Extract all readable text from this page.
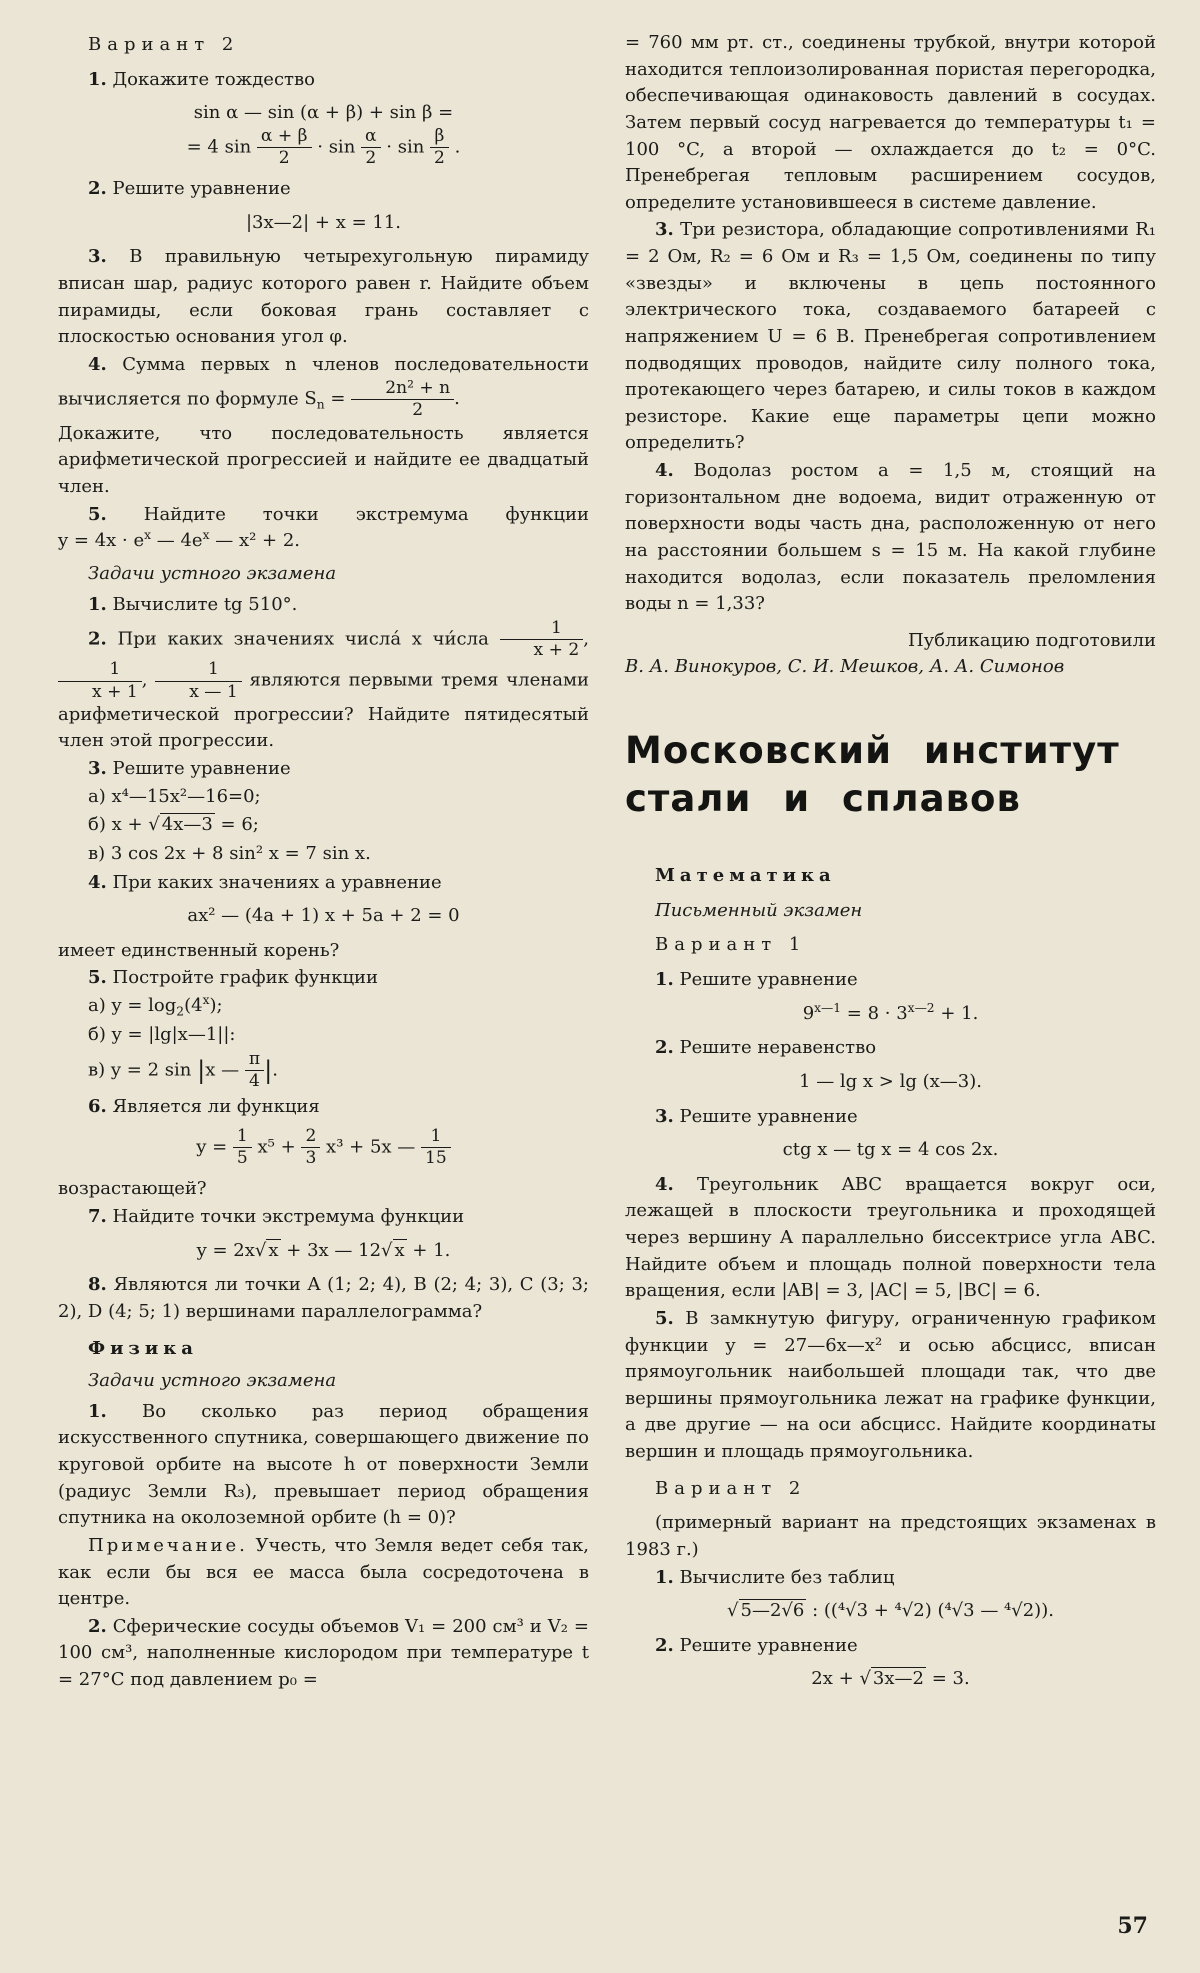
Вариант 2

1. Докажите тождество

sin α — sin (α + β) + sin β =
= 4 $\sin \frac{\alpha + \beta}{2} \cdot \sin \frac{\alpha}{2} \cdot \sin \frac{\beta}{2}$ .

2. Решите уравнение

|3x—2| + x = 11.

3. В правильную четырехугольную пирамиду вписан шар, радиус которого равен r. Найдите объем пирамиды, если боковая грань составляет с плоскостью основания угол φ.

4. Сумма первых n членов последовательности вычисляется по формуле $S_n = \frac{\text{2n² + n}}{2}$ .

Докажите, что последовательность является арифметической прогрессией и найдите ее двадцатый член.

5. Найдите точки экстремума функции $y = 4x \cdot e^x$ — $4e^x$ — x² + 2.

Задачи устного экзамена

1. Вычислите tg 510°.

2. При каких значениях числа́ x чи́сла $\frac{1}{x + 2}$ ,
$\frac{1}{x + 1}$ , $\frac{1}{x — 1}$ являются первыми тремя членами арифметической прогрессии? Найдите пятидесятый член этой прогрессии.

3. Решите уравнение

а) x⁴—15x²—16=0;
б) x + √ 4x—3 = 6;
в) 3 cos 2x + 8 sin² x = 7 sin x.

4. При каких значениях a уравнение

ax² — (4a + 1) x + 5a + 2 = 0

имеет единственный корень?

5. Постройте график функции

а) $y = \log_2(4^x)$;
б) y = |lg|x—1||:
в) y = 2 sin |x — $\frac{\pi}{4}$ |.

6. Является ли функция

$y = \frac{1}{5} x^5 + \frac{2}{3} x^3 + 5x$ — $\frac{1}{15}$

возрастающей?

7. Найдите точки экстремума функции

y = 2x√ x + 3x — 12√ x + 1.

8. Являются ли точки A (1; 2; 4), B (2; 4; 3), C (3; 3; 2), D (4; 5; 1) вершинами параллелограмма?

Физика

Задачи устного экзамена

1. Во сколько раз период обращения искусственного спутника, совершающего движение по круговой орбите на высоте h от поверхности Земли (радиус Земли R₃), превышает период обращения спутника на околоземной орбите (h = 0)?

Примечание. Учесть, что Земля ведет себя так, как если бы вся ее масса была сосредоточена в центре.

2. Сферические сосуды объемов V₁ = 200 см³ и V₂ = 100 см³, наполненные кислородом при температуре t = 27°C под давлением p₀ =

= 760 мм рт. ст., соединены трубкой, внутри которой находится теплоизолированная пористая перегородка, обеспечивающая одинаковость давлений в сосудах. Затем первый сосуд нагревается до температуры t₁ = 100 °C, а второй — охлаждается до t₂ = 0°C. Пренебрегая тепловым расширением сосудов, определите установившееся в системе давление.

3. Три резистора, обладающие сопротивлениями R₁ = 2 Ом, R₂ = 6 Ом и R₃ = 1,5 Ом, соединены по типу «звезды» и включены в цепь постоянного электрического тока, создаваемого батареей с напряжением U = 6 В. Пренебрегая сопротивлением подводящих проводов, найдите силу полного тока, протекающего через батарею, и силы токов в каждом резисторе. Какие еще параметры цепи можно определить?

4. Водолаз ростом a = 1,5 м, стоящий на горизонтальном дне водоема, видит отраженную от поверхности воды часть дна, расположенную от него на расстоянии большем s = 15 м. На какой глубине находится водолаз, если показатель преломления воды n = 1,33?

Публикацию подготовили

В. А. Винокуров, С. И. Мешков, А. А. Симонов

Московский институт
стали и сплавов

Математика

Письменный экзамен

Вариант 1

1. Решите уравнение

$9^{x—1} = 8 \cdot 3^{x—2} + 1$.

2. Решите неравенство

1 — lg x > lg (x—3).

3. Решите уравнение

ctg x — tg x = 4 cos 2x.

4. Треугольник ABC вращается вокруг оси, лежащей в плоскости треугольника и проходящей через вершину A параллельно биссектрисе угла ABC. Найдите объем и площадь полной поверхности тела вращения, если |AB| = 3, |AC| = 5, |BC| = 6.

5. В замкнутую фигуру, ограниченную графиком функции y = 27—6x—x² и осью абсцисс, вписан прямоугольник наибольшей площади так, что две вершины прямоугольника лежат на графике функции, а две другие — на оси абсцисс. Найдите координаты вершин и площадь прямоугольника.

Вариант 2

(примерный вариант на предстоящих экзаменах в 1983 г.)

1. Вычислите без таблиц

√ 5—2√6 : ((⁴√3 + ⁴√2) (⁴√3 — ⁴√2)).

2. Решите уравнение

2x + √ 3x—2 = 3.
57
